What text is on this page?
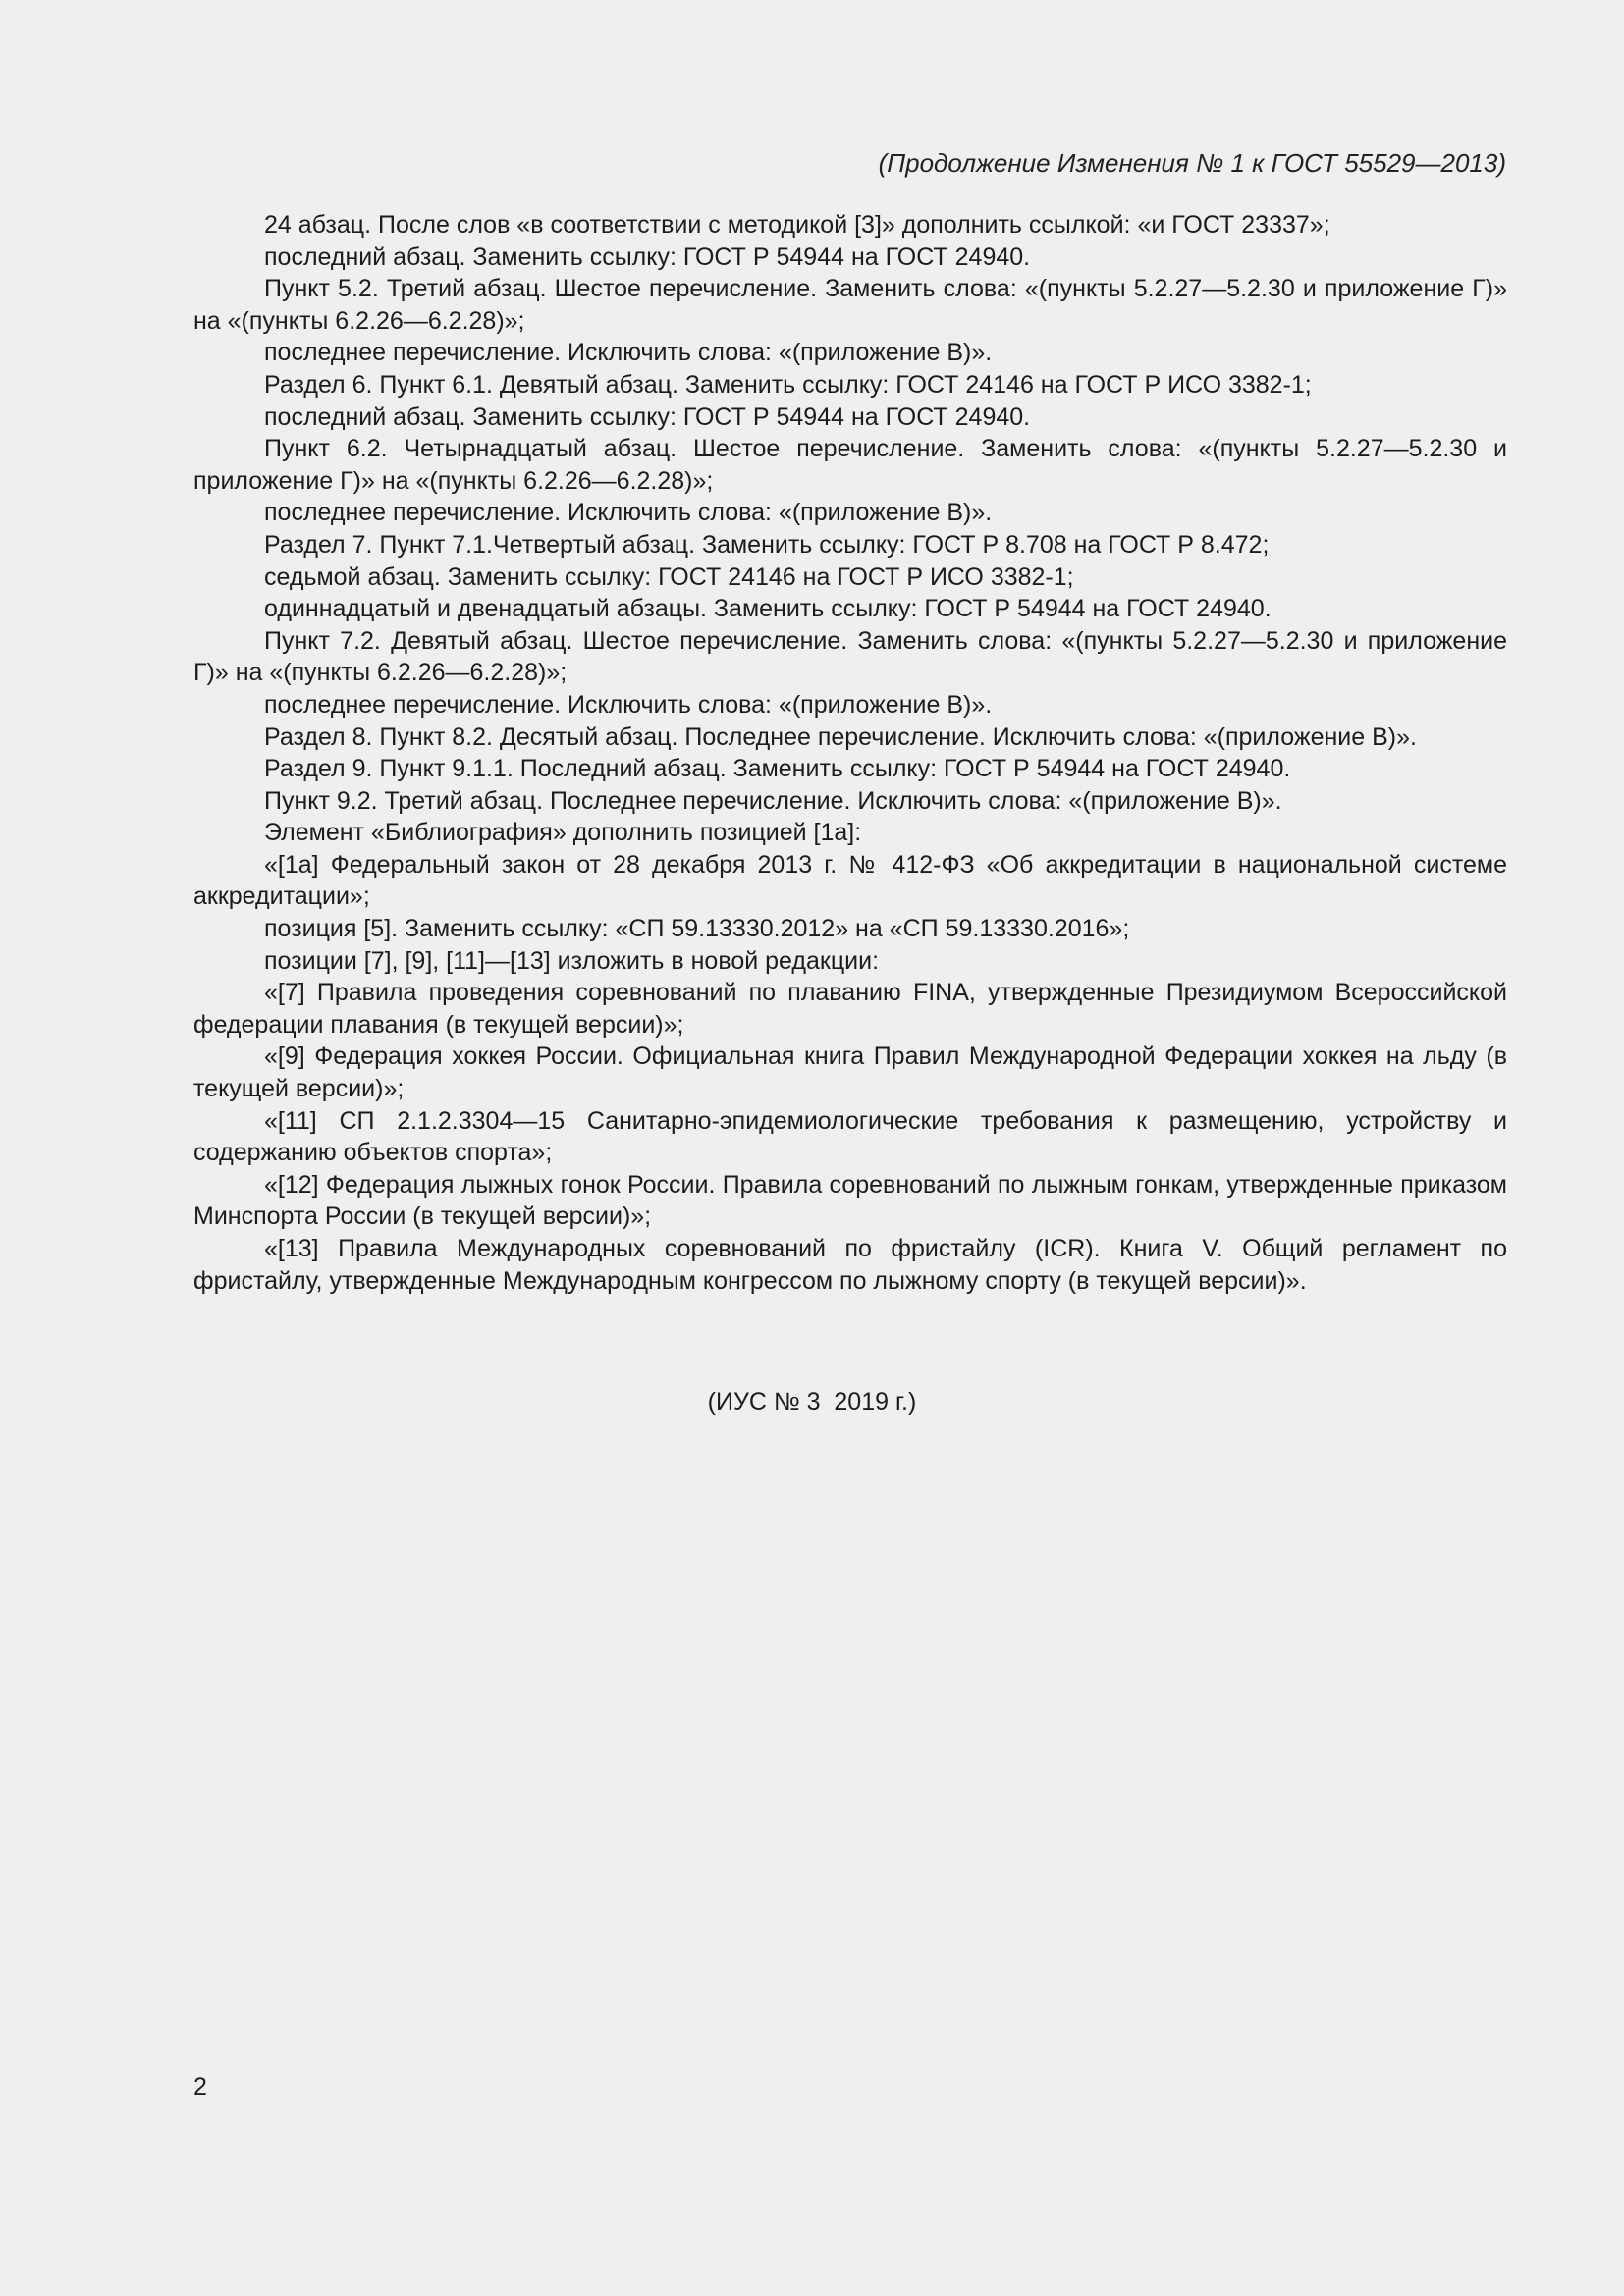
(Продолжение Изменения № 1 к ГОСТ 55529—2013)

24 абзац. После слов «в соответствии с методикой [3]» дополнить ссылкой: «и ГОСТ 23337»;

последний абзац. Заменить ссылку: ГОСТ Р 54944 на ГОСТ 24940.

Пункт 5.2. Третий абзац. Шестое перечисление. Заменить слова: «(пункты 5.2.27—5.2.30 и приложение Г)» на «(пункты 6.2.26—6.2.28)»;

последнее перечисление. Исключить слова: «(приложение В)».

Раздел 6. Пункт 6.1. Девятый абзац. Заменить ссылку: ГОСТ 24146 на ГОСТ Р ИСО 3382-1;

последний абзац. Заменить ссылку: ГОСТ Р 54944 на ГОСТ 24940.

Пункт 6.2. Четырнадцатый абзац. Шестое перечисление. Заменить слова: «(пункты 5.2.27—5.2.30 и приложение Г)» на «(пункты 6.2.26—6.2.28)»;

последнее перечисление. Исключить слова: «(приложение В)».

Раздел 7. Пункт 7.1.Четвертый абзац. Заменить ссылку: ГОСТ Р 8.708 на ГОСТ Р 8.472;

седьмой абзац. Заменить ссылку: ГОСТ 24146 на ГОСТ Р ИСО 3382-1;

одиннадцатый и двенадцатый абзацы. Заменить ссылку: ГОСТ Р 54944 на ГОСТ 24940.

Пункт 7.2. Девятый абзац. Шестое перечисление. Заменить слова: «(пункты 5.2.27—5.2.30 и приложение Г)» на «(пункты 6.2.26—6.2.28)»;

последнее перечисление. Исключить слова: «(приложение В)».

Раздел 8. Пункт 8.2. Десятый абзац. Последнее перечисление. Исключить слова: «(приложение В)».

Раздел 9. Пункт 9.1.1. Последний абзац. Заменить ссылку: ГОСТ Р 54944 на ГОСТ 24940.

Пункт 9.2. Третий абзац. Последнее перечисление. Исключить слова: «(приложение В)».

Элемент «Библиография» дополнить позицией [1а]:

«[1а] Федеральный закон от 28 декабря 2013 г. № 412-ФЗ «Об аккредитации в национальной системе аккредитации»;

позиция [5]. Заменить ссылку: «СП 59.13330.2012» на «СП 59.13330.2016»;

позиции [7], [9], [11]—[13] изложить в новой редакции:

«[7] Правила проведения соревнований по плаванию FINA, утвержденные Президиумом Всероссийской федерации плавания (в текущей версии)»;

«[9] Федерация хоккея России. Официальная книга Правил Международной Федерации хоккея на льду (в текущей версии)»;

«[11] СП 2.1.2.3304—15 Санитарно-эпидемиологические требования к размещению, устройству и содержанию объектов спорта»;

«[12] Федерация лыжных гонок России. Правила соревнований по лыжным гонкам, утвержденные приказом Минспорта России (в текущей версии)»;

«[13] Правила Международных соревнований по фристайлу (ICR). Книга V. Общий регламент по фристайлу, утвержденные Международным конгрессом по лыжному спорту (в текущей версии)».

(ИУС № 3  2019 г.)
2
